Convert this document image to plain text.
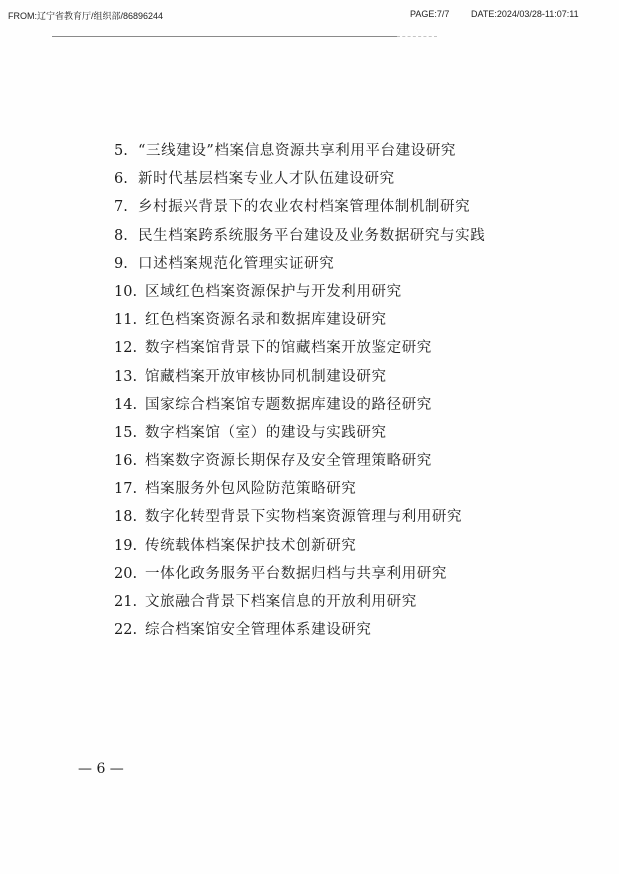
FROM:辽宁省教育厅/组织部/86896244	PAGE:7/7 DATE:2024/03/28-11:07:11
5. “三线建设”档案信息资源共享利用平台建设研究
6. 新时代基层档案专业人才队伍建设研究
7. 乡村振兴背景下的农业农村档案管理体制机制研究
8. 民生档案跨系统服务平台建设及业务数据研究与实践
9. 口述档案规范化管理实证研究
10. 区域红色档案资源保护与开发利用研究
11. 红色档案资源名录和数据库建设研究
12. 数字档案馆背景下的馆藏档案开放鉴定研究
13. 馆藏档案开放审核协同机制建设研究
14. 国家综合档案馆专题数据库建设的路径研究
15. 数字档案馆（室）的建设与实践研究
16. 档案数字资源长期保存及安全管理策略研究
17. 档案服务外包风险防范策略研究
18. 数字化转型背景下实物档案资源管理与利用研究
19. 传统载体档案保护技术创新研究
20. 一体化政务服务平台数据归档与共享利用研究
21. 文旅融合背景下档案信息的开放利用研究
22. 综合档案馆安全管理体系建设研究
— 6 —
